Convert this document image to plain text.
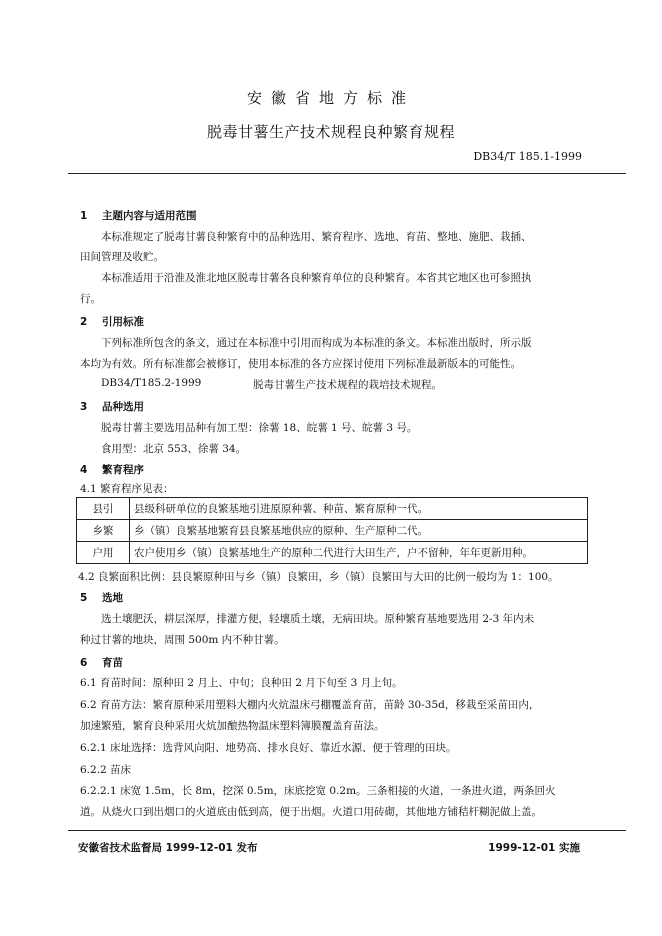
安徽省地方标准
脱毒甘薯生产技术规程良种繁育规程
DB34/T 185.1-1999
1 主题内容与适用范围
本标准规定了脱毒甘薯良种繁育中的品种选用、繁育程序、选地、育苗、整地、施肥、栽插、
田间管理及收贮。
本标准适用于沿淮及淮北地区脱毒甘薯各良种繁育单位的良种繁育。本省其它地区也可参照执
行。
2 引用标准
下列标准所包含的条文，通过在本标准中引用而构成为本标准的条文。本标准出版时，所示版
本均为有效。所有标准都会被修订，使用本标准的各方应探讨使用下列标准最新版本的可能性。
DB34/T185.2-1999	脱毒甘薯生产技术规程的栽培技术规程。
3 品种选用
脱毒甘薯主要选用品种有加工型：徐薯 18、皖薯 1 号、皖薯 3 号。
食用型：北京 553、徐薯 34。
4 繁育程序
4.1 繁育程序见表：
县引	县级科研单位的良繁基地引进原原种薯、种苗、繁育原种一代。
乡繁	乡（镇）良繁基地繁育县良繁基地供应的原种、生产原种二代。
户用	农户使用乡（镇）良繁基地生产的原种二代进行大田生产，户不留种，年年更新用种。
4.2 良繁面积比例：县良繁原种田与乡（镇）良繁田，乡（镇）良繁田与大田的比例一般均为 1：100。
5 选地
选土壤肥沃，耕层深厚，排灌方便，轻壤质土壤，无病田块。原种繁育基地要选用 2-3 年内未
种过甘薯的地块，周围 500m 内不种甘薯。
6 育苗
6.1 育苗时间：原种田 2 月上、中旬；良种田 2 月下旬至 3 月上旬。
6.2 育苗方法：繁育原种采用塑料大棚内火炕温床弓棚覆盖育苗，苗龄 30-35d，移栽至采苗田内，
加速繁殖，繁育良种采用火炕加酿热物温床塑料簿膜覆盖育苗法。
6.2.1 床址选择：选背风向阳、地势高、排水良好、靠近水源、便于管理的田块。
6.2.2 苗床
6.2.2.1 床宽 1.5m，长 8m，挖深 0.5m，床底挖宽 0.2m。三条相接的火道，一条进火道，两条回火
道。从烧火口到出烟口的火道底由低到高，便于出烟。火道口用砖砌，其他地方铺秸杆糊泥做上盖。
安徽省技术监督局 1999-12-01 发布	1999-12-01 实施
